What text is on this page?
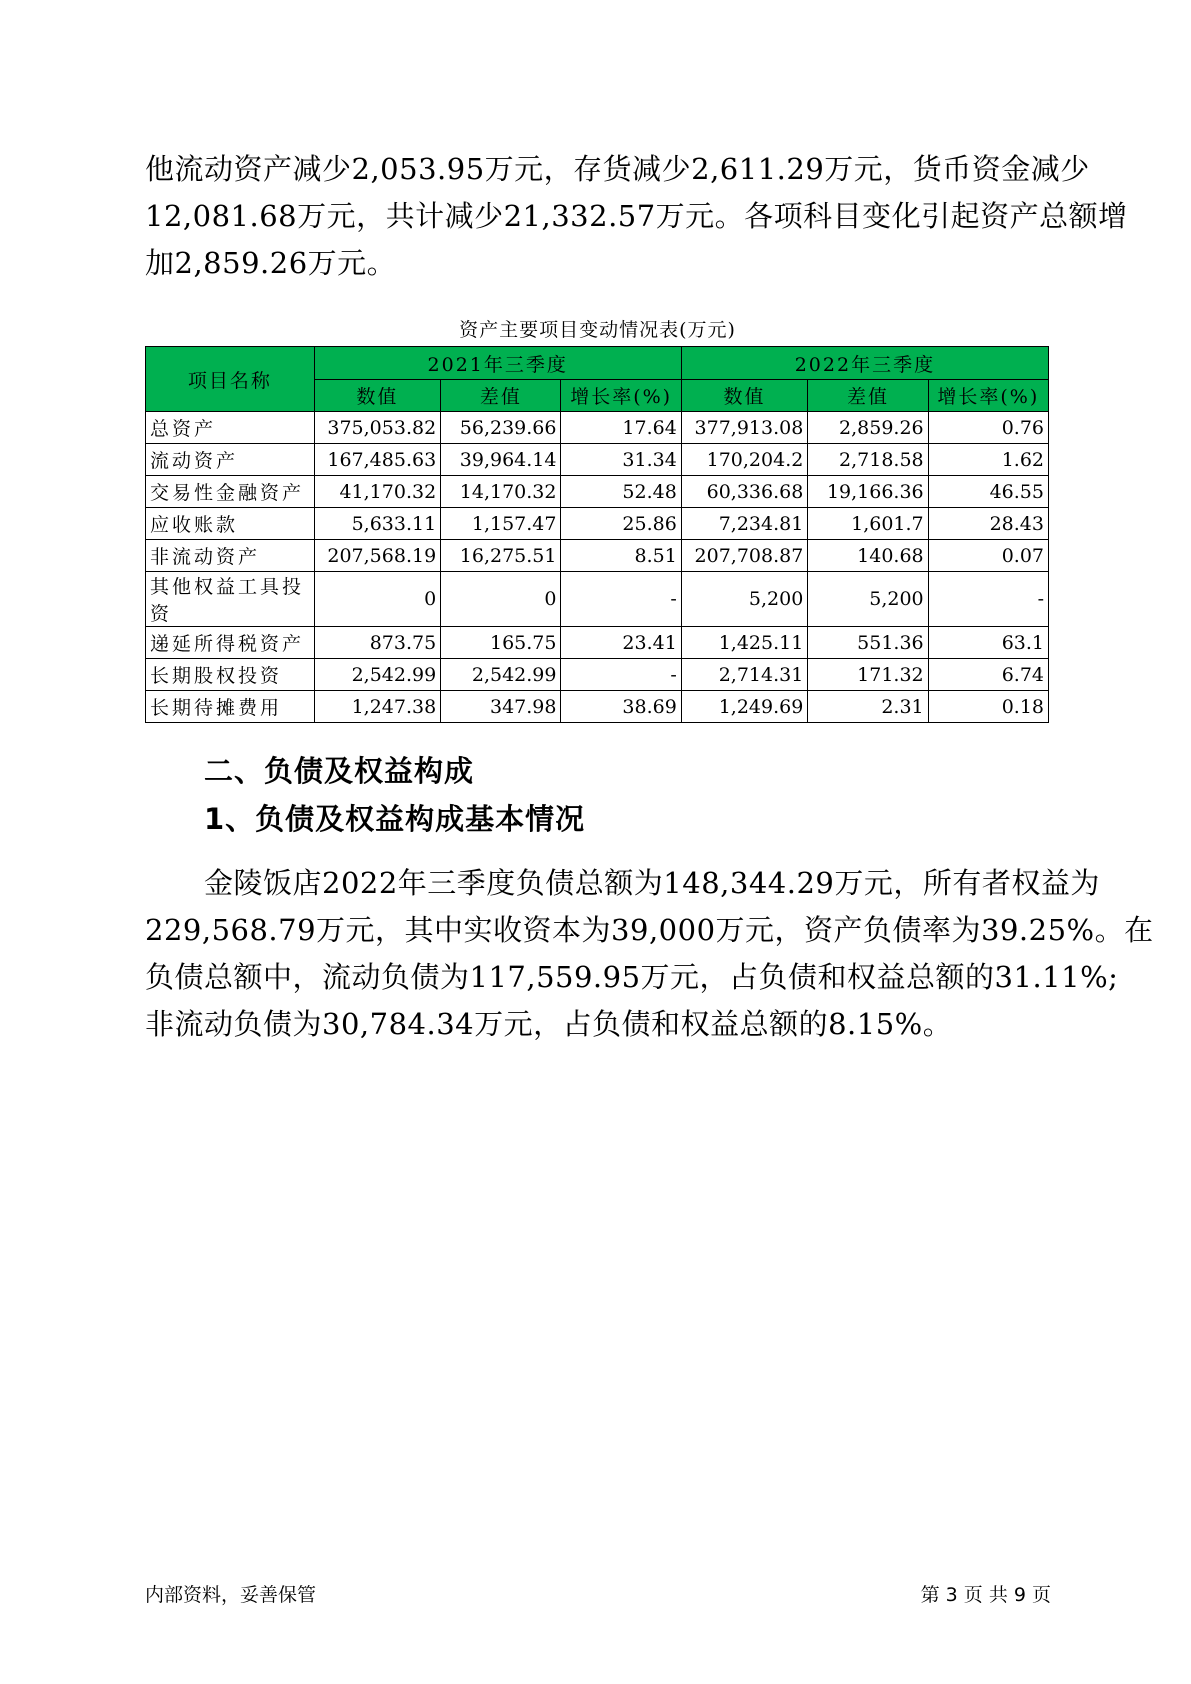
他流动资产减少2,053.95万元，存货减少2,611.29万元，货币资金减少
12,081.68万元，共计减少21,332.57万元。各项科目变化引起资产总额增
加2,859.26万元。
资产主要项目变动情况表(万元)
项目名称	2021年三季度			2022年三季度		
	数值	差值	增长率(%)	数值	差值	增长率(%)
总资产	375,053.82	56,239.66	17.64	377,913.08	2,859.26	0.76
流动资产	167,485.63	39,964.14	31.34	170,204.2	2,718.58	1.62
交易性金融资产	41,170.32	14,170.32	52.48	60,336.68	19,166.36	46.55
应收账款	5,633.11	1,157.47	25.86	7,234.81	1,601.7	28.43
非流动资产	207,568.19	16,275.51	8.51	207,708.87	140.68	0.07
其他权益工具投资	0	0	-	5,200	5,200	-
递延所得税资产	873.75	165.75	23.41	1,425.11	551.36	63.1
长期股权投资	2,542.99	2,542.99	-	2,714.31	171.32	6.74
长期待摊费用	1,247.38	347.98	38.69	1,249.69	2.31	0.18
二、负债及权益构成
1、负债及权益构成基本情况
　　金陵饭店2022年三季度负债总额为148,344.29万元，所有者权益为
229,568.79万元，其中实收资本为39,000万元，资产负债率为39.25%。在
负债总额中，流动负债为117,559.95万元，占负债和权益总额的31.11%;
非流动负债为30,784.34万元，占负债和权益总额的8.15%。
内部资料，妥善保管	第 3 页 共 9 页
